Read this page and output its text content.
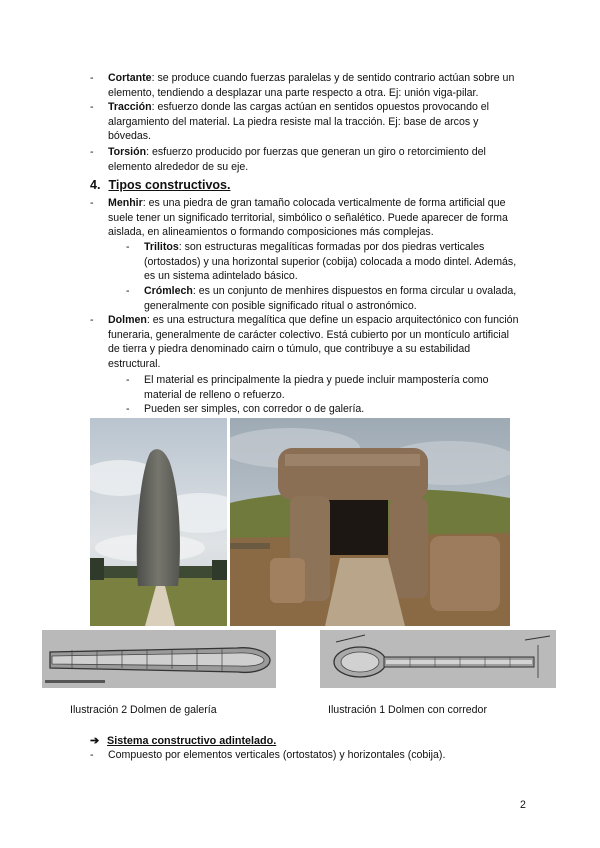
- Cortante: se produce cuando fuerzas paralelas y de sentido contrario actúan sobre un elemento, tendiendo a desplazar una parte respecto a otra. Ej: unión viga-pilar.
- Tracción: esfuerzo donde las cargas actúan en sentidos opuestos provocando el alargamiento del material. La piedra resiste mal la tracción. Ej: base de arcos y bóvedas.
- Torsión: esfuerzo producido por fuerzas que generan un giro o retorcimiento del elemento alrededor de su eje.
4. Tipos constructivos.
- Menhir: es una piedra de gran tamaño colocada verticalmente de forma artificial que suele tener un significado territorial, simbólico o señalético. Puede aparecer de forma aislada, en alineamientos o formando composiciones más complejas.
- Trilitos: son estructuras megalíticas formadas por dos piedras verticales (ortostados) y una horizontal superior (cobija) colocada a modo dintel. Además, es un sistema adintelado básico.
- Crómlech: es un conjunto de menhires dispuestos en forma circular u ovalada, generalmente con posible significado ritual o astronómico.
- Dolmen: es una estructura megalítica que define un espacio arquitectónico con función funeraria, generalmente de carácter colectivo. Está cubierto por un montículo artificial de tierra y piedra denominado cairn o túmulo, que contribuye a su estabilidad estructural.
- El material es principalmente la piedra y puede incluir mampostería como material de relleno o refuerzo.
- Pueden ser simples, con corredor o de galería.
Ilustración 2 Dolmen de galería	Ilustración 1 Dolmen con corredor
➔ Sistema constructivo adintelado.
- Compuesto por elementos verticales (ortostatos) y horizontales (cobija).
2
